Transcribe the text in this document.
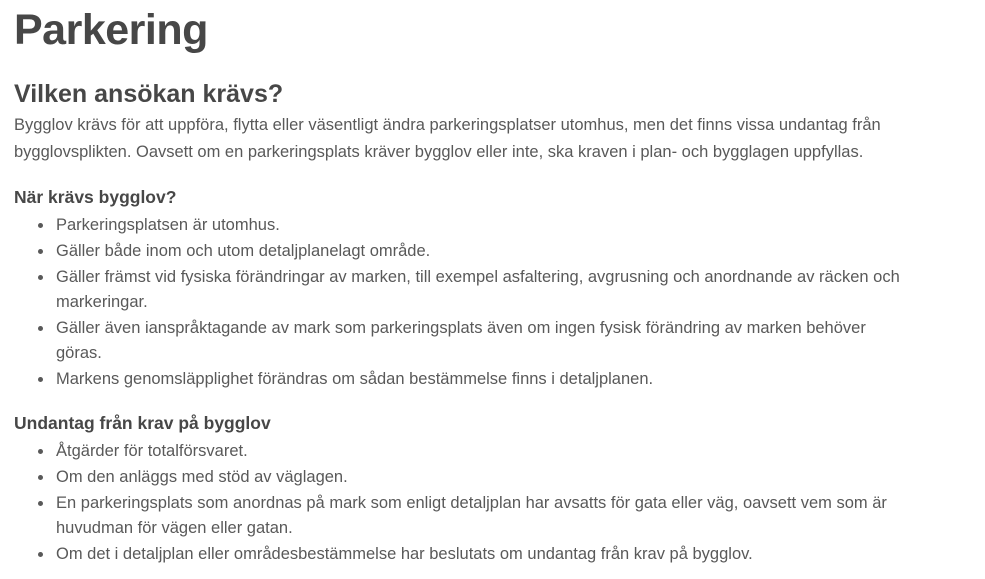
Parkering
Vilken ansökan krävs?

Bygglov krävs för att uppföra, flytta eller väsentligt ändra parkeringsplatser utomhus, men det finns vissa undantag från bygglovsplikten. Oavsett om en parkeringsplats kräver bygglov eller inte, ska kraven i plan- och bygglagen uppfyllas.

När krävs bygglov?
• Parkeringsplatsen är utomhus.
• Gäller både inom och utom detaljplanelagt område.
• Gäller främst vid fysiska förändringar av marken, till exempel asfaltering, avgrusning och anordnande av räcken och markeringar.
• Gäller även ianspråktagande av mark som parkeringsplats även om ingen fysisk förändring av marken behöver göras.
• Markens genomsläpplighet förändras om sådan bestämmelse finns i detaljplanen.
Undantag från krav på bygglov
• Åtgärder för totalförsvaret.
• Om den anläggs med stöd av väglagen.
• En parkeringsplats som anordnas på mark som enligt detaljplan har avsatts för gata eller väg, oavsett vem som är huvudman för vägen eller gatan.
• Om det i detaljplan eller områdesbestämmelse har beslutats om undantag från krav på bygglov.
